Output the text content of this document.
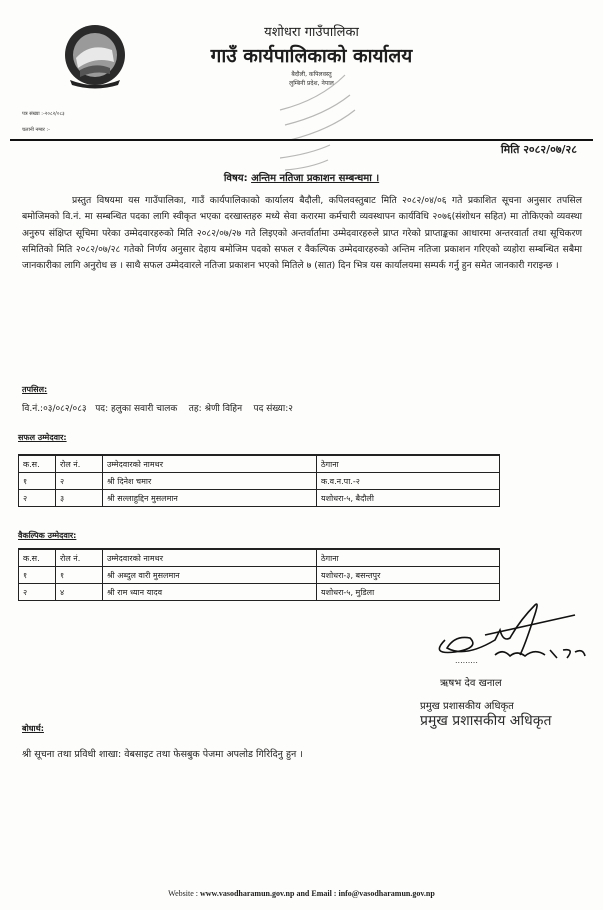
यशोधरा गाउँपालिका
गाउँ कार्यपालिकाको कार्यालय
बैदौली, कपिलवस्तु
लुम्बिनी प्रदेश, नेपाल
पत्र संख्या :-२०८२/०८३
चलानी नम्बर :-
मिति २०८२/०७/२८
विषय: अन्तिम नतिजा प्रकाशन सम्बन्धमा ।
प्रस्तुत विषयमा यस गाउँपालिका, गाउँ कार्यपालिकाको कार्यालय बैदौली, कपिलवस्तुबाट मिति २०८२/०४/०६ गते प्रकाशित सूचना अनुसार तपसिल बमोजिमको वि.नं. मा सम्बन्धित पदका लागि स्वीकृत भएका दरखास्तहरु मध्ये सेवा करारमा कर्मचारी व्यवस्थापन कार्यविधि २०७६(संशोधन सहित) मा तोकिएको व्यवस्था अनुरुप संक्षिप्त सूचिमा परेका उम्मेदवारहरुको मिति २०८२/०७/२७ गते लिइएको अन्तर्वार्तामा उम्मेदवारहरुले प्राप्त गरेको प्राप्ताङ्कका आधारमा अन्तरवार्ता तथा सूचिकरण समितिको मिति २०८२/०७/२८ गतेको निर्णय अनुसार देहाय बमोजिम पदको सफल र वैकल्पिक उम्मेदवारहरुको अन्तिम नतिजा प्रकाशन गरिएको व्यहोरा सम्बन्धित सबैमा जानकारीका लागि अनुरोध छ । साथै सफल उम्मेदवारले नतिजा प्रकाशन भएको मितिले ७ (सात) दिन भित्र यस कार्यालयमा सम्पर्क गर्नु हुन समेत जानकारी गराइन्छ ।
तपसिल:
वि.नं.:०३/०८२/०८३ पद: हलुका सवारी चालक तह: श्रेणी विहिन पद संख्या:२
सफल उम्मेदवार:
क.स.	रोल नं.	उम्मेदवारको नामथर	ठेगाना
१	२	श्री दिनेश चमार	क.व.न.पा.-२
२	३	श्री सल्लाहुद्दिन मुसलमान	यशोधरा-५, बैदौली
वैकल्पिक उम्मेदवार:
क.स.	रोल नं.	उम्मेदवारको नामथर	ठेगाना
१	१	श्री अब्दुल वारी मुसलमान	यशोधरा-३, बसन्तपुर
२	४	श्री राम ध्यान यादव	यशोधरा-५, मुडिला
.........
ऋषभ देव खनाल
प्रमुख प्रशासकीय अधिकृत
प्रमुख प्रशासकीय अधिकृत
बोधार्थ:
श्री सूचना तथा प्रविधी शाखा: वेबसाइट तथा फेसबुक पेजमा अपलोड गिरिदिनु हुन ।
Website : www.vasodharamun.gov.np and Email : info@vasodharamun.gov.np
